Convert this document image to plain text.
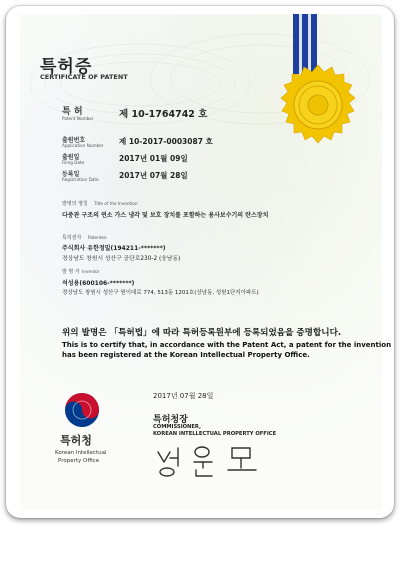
특허증
CERTIFICATE OF PATENT
특 허
Patent Number	제 10-1764742 호
출원번호
Application Number 제 10-2017-0003087 호
출원일
Filing Date	2017년 01월 09일
등록일
Registration Date	2017년 07월 28일
발명의 명칭 Title of the Invention
다중관 구조의 연소 가스 냉각 및 보호 장치를 포함하는 용사보수기의 란스장치
특허권자 Patentee
주식회사 유한정밀(194211-*******)
경상남도 창원시 성산구 공단로230-2 (웅남동)
발 명 자 Inventor
석성용(600106-*******)
경상남도 창원시 성산구 원이대로 774, 513동 1201호(상남동, 성원1단지아파트)
위의 발명은 「특허법」에 따라 특허등록원부에 등록되었음을 증명합니다.
This is to certify that, in accordance with the Patent Act, a patent for the invention
has been registered at the Korean Intellectual Property Office.
2017년 07월 28일
특허청장
COMMISSIONER,
KOREAN INTELLECTUAL PROPERTY OFFICE
특허청
Korean Intellectual
Property Office
